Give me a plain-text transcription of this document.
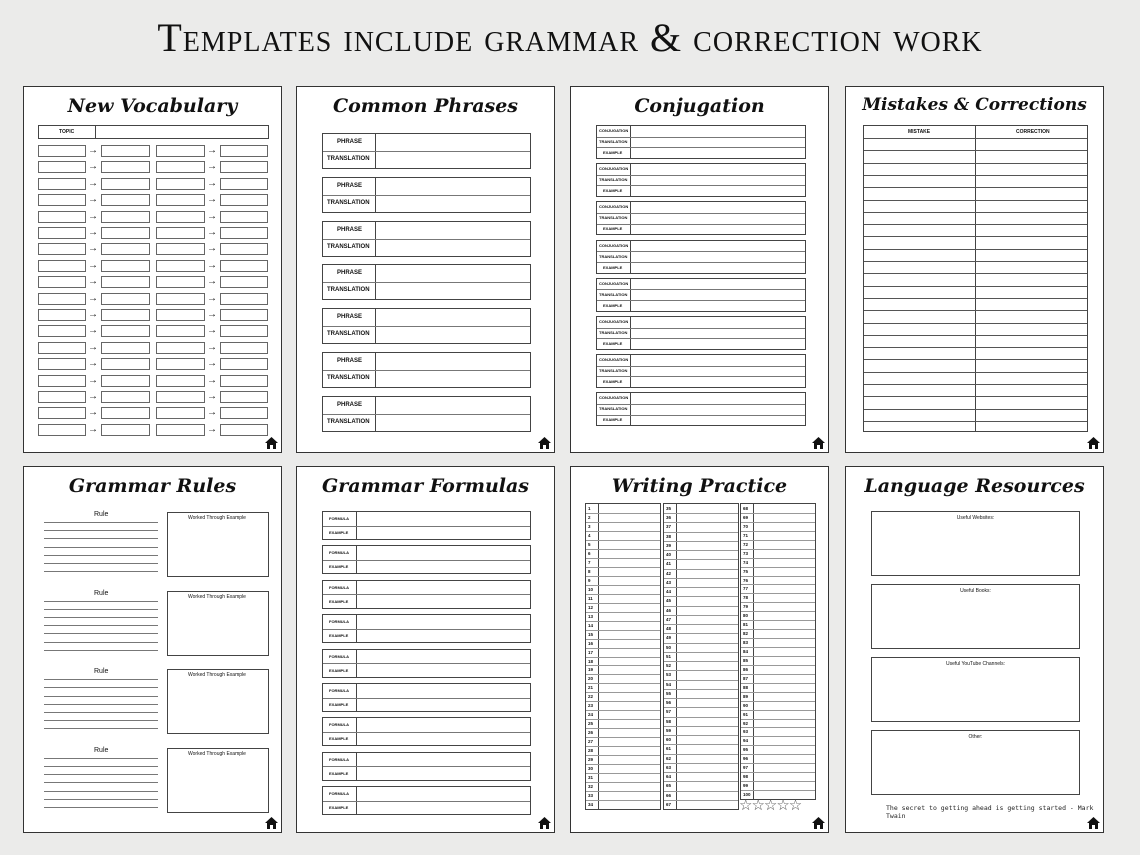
Templates include grammar & correction work
New Vocabulary
TOPIC
→	→
→	→
→	→
→	→
→	→
→	→
→	→
→	→
→	→
→	→
→	→
→	→
→	→
→	→
→	→
→	→
→	→
→	→
Common Phrases
PHRASE
TRANSLATION
PHRASE
TRANSLATION
PHRASE
TRANSLATION
PHRASE
TRANSLATION
PHRASE
TRANSLATION
PHRASE
TRANSLATION
PHRASE
TRANSLATION
Conjugation
CONJUGATION
TRANSLATION
EXAMPLE
CONJUGATION
TRANSLATION
EXAMPLE
CONJUGATION
TRANSLATION
EXAMPLE
CONJUGATION
TRANSLATION
EXAMPLE
CONJUGATION
TRANSLATION
EXAMPLE
CONJUGATION
TRANSLATION
EXAMPLE
CONJUGATION
TRANSLATION
EXAMPLE
CONJUGATION
TRANSLATION
EXAMPLE
Mistakes & Corrections
MISTAKE	CORRECTION
Grammar Rules
Rule	Worked Through Example
Rule	Worked Through Example
Rule	Worked Through Example
Rule	Worked Through Example
Grammar Formulas
FORMULA
EXAMPLE
FORMULA
EXAMPLE
FORMULA
EXAMPLE
FORMULA
EXAMPLE
FORMULA
EXAMPLE
FORMULA
EXAMPLE
FORMULA
EXAMPLE
FORMULA
EXAMPLE
FORMULA
EXAMPLE
Writing Practice
1
2
3
4
5
6
7
8
9
10
11
12
13
14
15
16
17
18
19
20
21
22
23
24
25
26
27
28
29
30
31
32
33
34
35
36
37
38
39
40
41
42
43
44
45
46
47
48
49
50
51
52
53
54
55
56
57
58
59
60
61
62
63
64
65
66
67
68
69
70
71
72
73
74
75
76
77
78
79
80
81
82
83
84
85
86
87
88
89
90
91
92
93
94
95
96
97
98
99
100
☆☆☆☆☆
Language Resources
Useful Websites:
Useful Books:
Useful YouTube Channels:
Other:
The secret to getting ahead is getting started - Mark Twain
